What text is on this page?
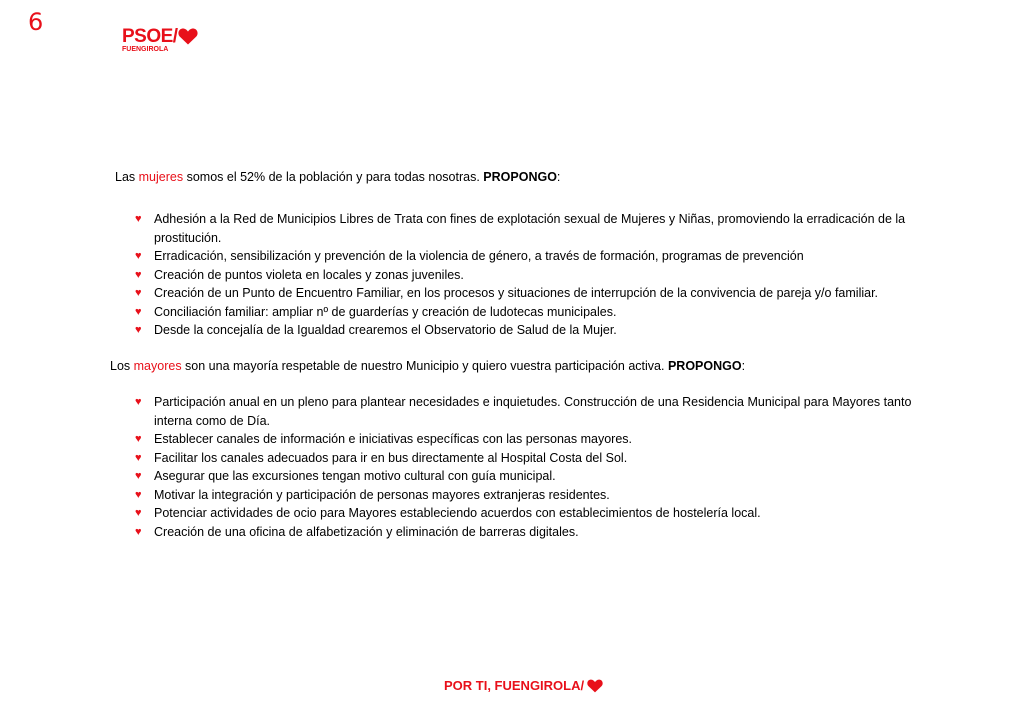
6
PSOE/
FUENGIROLA

Las mujeres somos el 52% de la población y para todas nosotras. PROPONGO:

♥ Adhesión a la Red de Municipios Libres de Trata con fines de explotación sexual de Mujeres y Niñas, promoviendo la erradicación de la prostitución.
♥ Erradicación, sensibilización y prevención de la violencia de género, a través de formación, programas de prevención
♥ Creación de puntos violeta en locales y zonas juveniles.
♥ Creación de un Punto de Encuentro Familiar, en los procesos y situaciones de interrupción de la convivencia de pareja y/o familiar.
♥ Conciliación familiar: ampliar nº de guarderías y creación de ludotecas municipales.
♥ Desde la concejalía de la Igualdad crearemos el Observatorio de Salud de la Mujer.

Los mayores son una mayoría respetable de nuestro Municipio y quiero vuestra participación activa. PROPONGO:

♥ Participación anual en un pleno para plantear necesidades e inquietudes. Construcción de una Residencia Municipal para Mayores tanto interna como de Día.
♥ Establecer canales de información e iniciativas específicas con las personas mayores.
♥ Facilitar los canales adecuados para ir en bus directamente al Hospital Costa del Sol.
♥ Asegurar que las excursiones tengan motivo cultural con guía municipal.
♥ Motivar la integración y participación de personas mayores extranjeras residentes.
♥ Potenciar actividades de ocio para Mayores estableciendo acuerdos con establecimientos de hostelería local.
♥ Creación de una oficina de alfabetización y eliminación de barreras digitales.
POR TI, FUENGIROLA/
